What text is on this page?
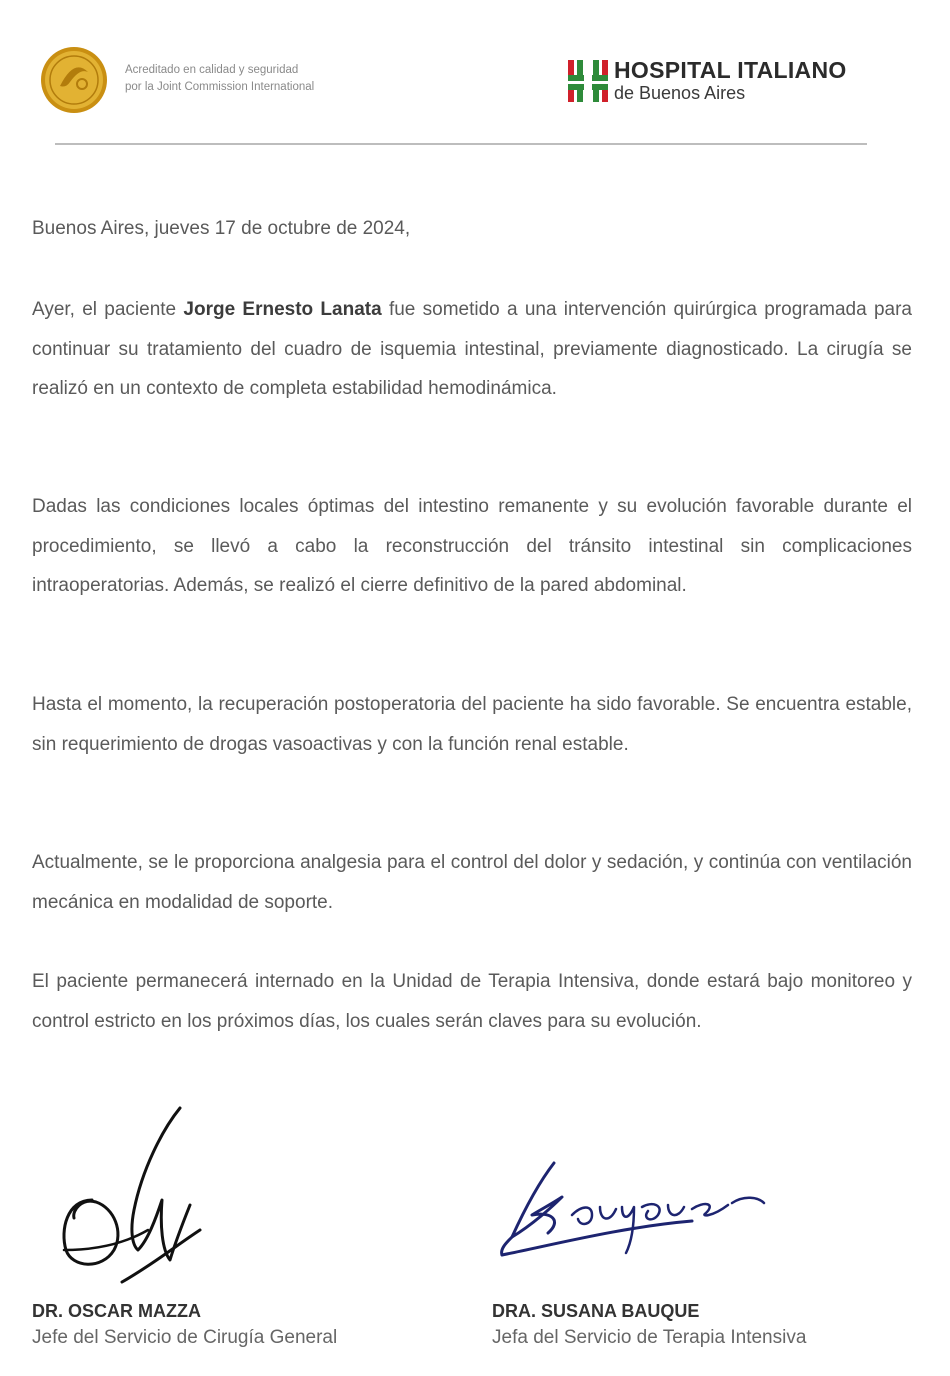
Acreditado en calidad y seguridad
por la Joint Commission International
HOSPITAL ITALIANO
de Buenos Aires
Buenos Aires, jueves 17 de octubre de 2024,

Ayer, el paciente Jorge Ernesto Lanata fue sometido a una intervención quirúrgica programada para continuar su tratamiento del cuadro de isquemia intestinal, previamente diagnosticado. La cirugía se realizó en un contexto de completa estabilidad hemodinámica.

Dadas las condiciones locales óptimas del intestino remanente y su evolución favorable durante el procedimiento, se llevó a cabo la reconstrucción del tránsito intestinal sin complicaciones intraoperatorias. Además, se realizó el cierre definitivo de la pared abdominal.

Hasta el momento, la recuperación postoperatoria del paciente ha sido favorable. Se encuentra estable, sin requerimiento de drogas vasoactivas y con la función renal estable.

Actualmente, se le proporciona analgesia para el control del dolor y sedación, y continúa con ventilación mecánica en modalidad de soporte.

El paciente permanecerá internado en la Unidad de Terapia Intensiva, donde estará bajo monitoreo y control estricto en los próximos días, los cuales serán claves para su evolución.

DR. OSCAR MAZZA
Jefe del Servicio de Cirugía General
DRA. SUSANA BAUQUE
Jefa del Servicio de Terapia Intensiva
